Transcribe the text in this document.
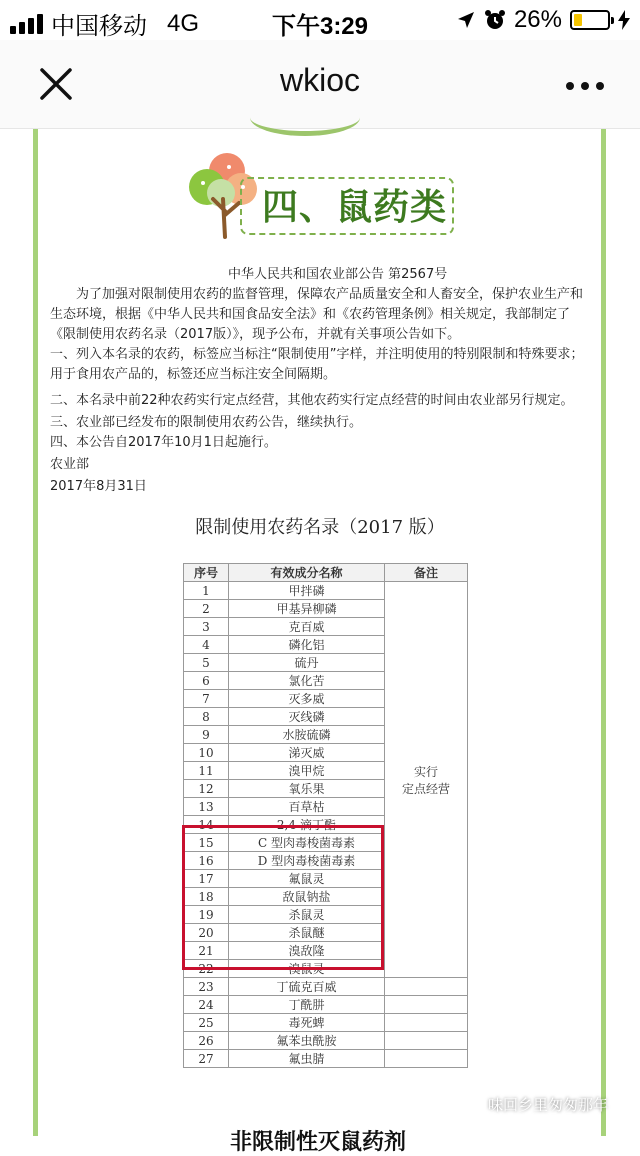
中国移动 4G	下午3:29	26%
wkioc
四、鼠药类
中华人民共和国农业部公告 第2567号
　　为了加强对限制使用农药的监督管理，保障农产品质量安全和人畜安全，保护农业生产和生态环境，根据《中华人民共和国食品安全法》和《农药管理条例》相关规定，我部制定了《限制使用农药名录（2017版）》，现予公布，并就有关事项公告如下。
一、列入本名录的农药，标签应当标注“限制使用”字样，并注明使用的特别限制和特殊要求；用于食用农产品的，标签还应当标注安全间隔期。
二、本名录中前22种农药实行定点经营，其他农药实行定点经营的时间由农业部另行规定。
三、农业部已经发布的限制使用农药公告，继续执行。
四、本公告自2017年10月1日起施行。
农业部
2017年8月31日
限制使用农药名录（2017 版）
序号	有效成分名称	备注
1	甲拌磷	实行
定点经营

2	甲基异柳磷	
3	克百威	
4	磷化铝	
5	硫丹	
6	氯化苦	
7	灭多威	
8	灭线磷	
9	水胺硫磷	
10	涕灭威	
11	溴甲烷	
12	氧乐果	
13	百草枯	
14	2,4-滴丁酯	
15	C 型肉毒梭菌毒素	
16	D 型肉毒梭菌毒素	
17	氟鼠灵	
18	敌鼠钠盐	
19	杀鼠灵	
20	杀鼠醚	
21	溴敌隆	
22	溴鼠灵	
23	丁硫克百威	
24	丁酰肼	
25	毒死蜱	
26	氟苯虫酰胺	
27	氟虫腈	
非限制性灭鼠药剂
味回乡里匆匆那年
